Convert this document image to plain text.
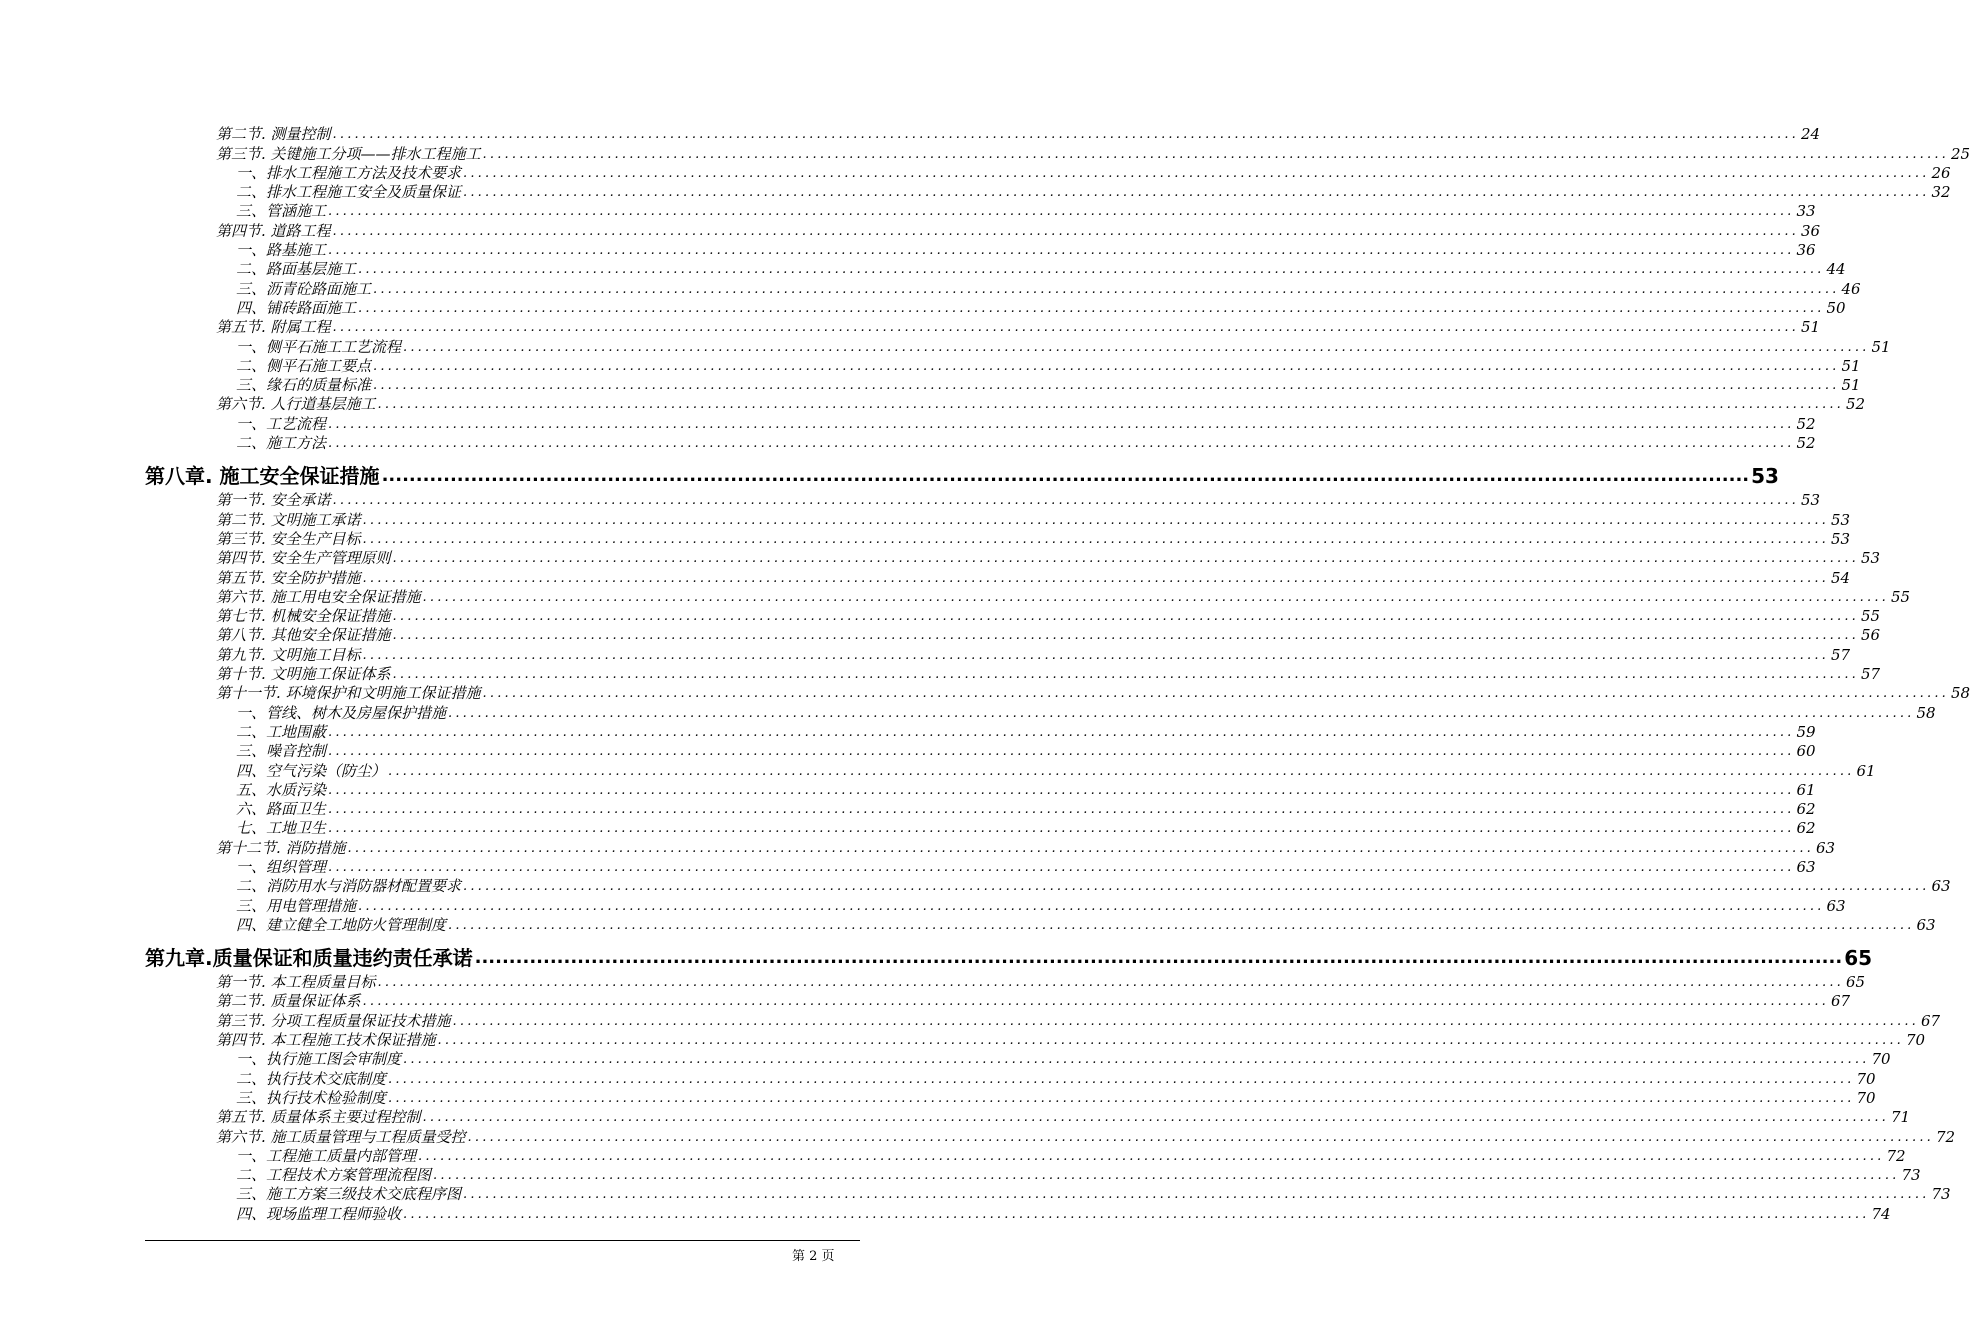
第二节. 测量控制 ........................................................................................................................................................................................................ 24
第三节. 关键施工分项——排水工程施工 ........................................................................................................................................................................................................ 25
一、排水工程施工方法及技术要求 ........................................................................................................................................................................................................ 26
二、排水工程施工安全及质量保证 ........................................................................................................................................................................................................ 32
三、管涵施工 ........................................................................................................................................................................................................ 33
第四节. 道路工程 ........................................................................................................................................................................................................ 36
一、路基施工 ........................................................................................................................................................................................................ 36
二、路面基层施工 ........................................................................................................................................................................................................ 44
三、沥青砼路面施工 ........................................................................................................................................................................................................ 46
四、铺砖路面施工 ........................................................................................................................................................................................................ 50
第五节. 附属工程 ........................................................................................................................................................................................................ 51
一、侧平石施工工艺流程 ........................................................................................................................................................................................................ 51
二、侧平石施工要点 ........................................................................................................................................................................................................ 51
三、缘石的质量标准 ........................................................................................................................................................................................................ 51
第六节. 人行道基层施工 ........................................................................................................................................................................................................ 52
一、工艺流程 ........................................................................................................................................................................................................ 52
二、施工方法 ........................................................................................................................................................................................................ 52
第八章. 施工安全保证措施 ........................................................................................................................................................................................................ 53
第一节. 安全承诺 ........................................................................................................................................................................................................ 53
第二节. 文明施工承诺 ........................................................................................................................................................................................................ 53
第三节. 安全生产目标 ........................................................................................................................................................................................................ 53
第四节. 安全生产管理原则 ........................................................................................................................................................................................................ 53
第五节. 安全防护措施 ........................................................................................................................................................................................................ 54
第六节. 施工用电安全保证措施 ........................................................................................................................................................................................................ 55
第七节. 机械安全保证措施 ........................................................................................................................................................................................................ 55
第八节. 其他安全保证措施 ........................................................................................................................................................................................................ 56
第九节. 文明施工目标 ........................................................................................................................................................................................................ 57
第十节. 文明施工保证体系 ........................................................................................................................................................................................................ 57
第十一节. 环境保护和文明施工保证措施 ........................................................................................................................................................................................................ 58
一、管线、树木及房屋保护措施 ........................................................................................................................................................................................................ 58
二、工地围蔽 ........................................................................................................................................................................................................ 59
三、噪音控制 ........................................................................................................................................................................................................ 60
四、空气污染（防尘） ........................................................................................................................................................................................................ 61
五、水质污染 ........................................................................................................................................................................................................ 61
六、路面卫生 ........................................................................................................................................................................................................ 62
七、工地卫生 ........................................................................................................................................................................................................ 62
第十二节. 消防措施 ........................................................................................................................................................................................................ 63
一、组织管理 ........................................................................................................................................................................................................ 63
二、消防用水与消防器材配置要求 ........................................................................................................................................................................................................ 63
三、用电管理措施 ........................................................................................................................................................................................................ 63
四、建立健全工地防火管理制度 ........................................................................................................................................................................................................ 63
第九章.质量保证和质量违约责任承诺 ........................................................................................................................................................................................................ 65
第一节. 本工程质量目标 ........................................................................................................................................................................................................ 65
第二节. 质量保证体系 ........................................................................................................................................................................................................ 67
第三节. 分项工程质量保证技术措施 ........................................................................................................................................................................................................ 67
第四节. 本工程施工技术保证措施 ........................................................................................................................................................................................................ 70
一、执行施工图会审制度 ........................................................................................................................................................................................................ 70
二、执行技术交底制度 ........................................................................................................................................................................................................ 70
三、执行技术检验制度 ........................................................................................................................................................................................................ 70
第五节. 质量体系主要过程控制 ........................................................................................................................................................................................................ 71
第六节. 施工质量管理与工程质量受控 ........................................................................................................................................................................................................ 72
一、工程施工质量内部管理 ........................................................................................................................................................................................................ 72
二、工程技术方案管理流程图 ........................................................................................................................................................................................................ 73
三、施工方案三级技术交底程序图 ........................................................................................................................................................................................................ 73
四、现场监理工程师验收 ........................................................................................................................................................................................................ 74
第 2 页
